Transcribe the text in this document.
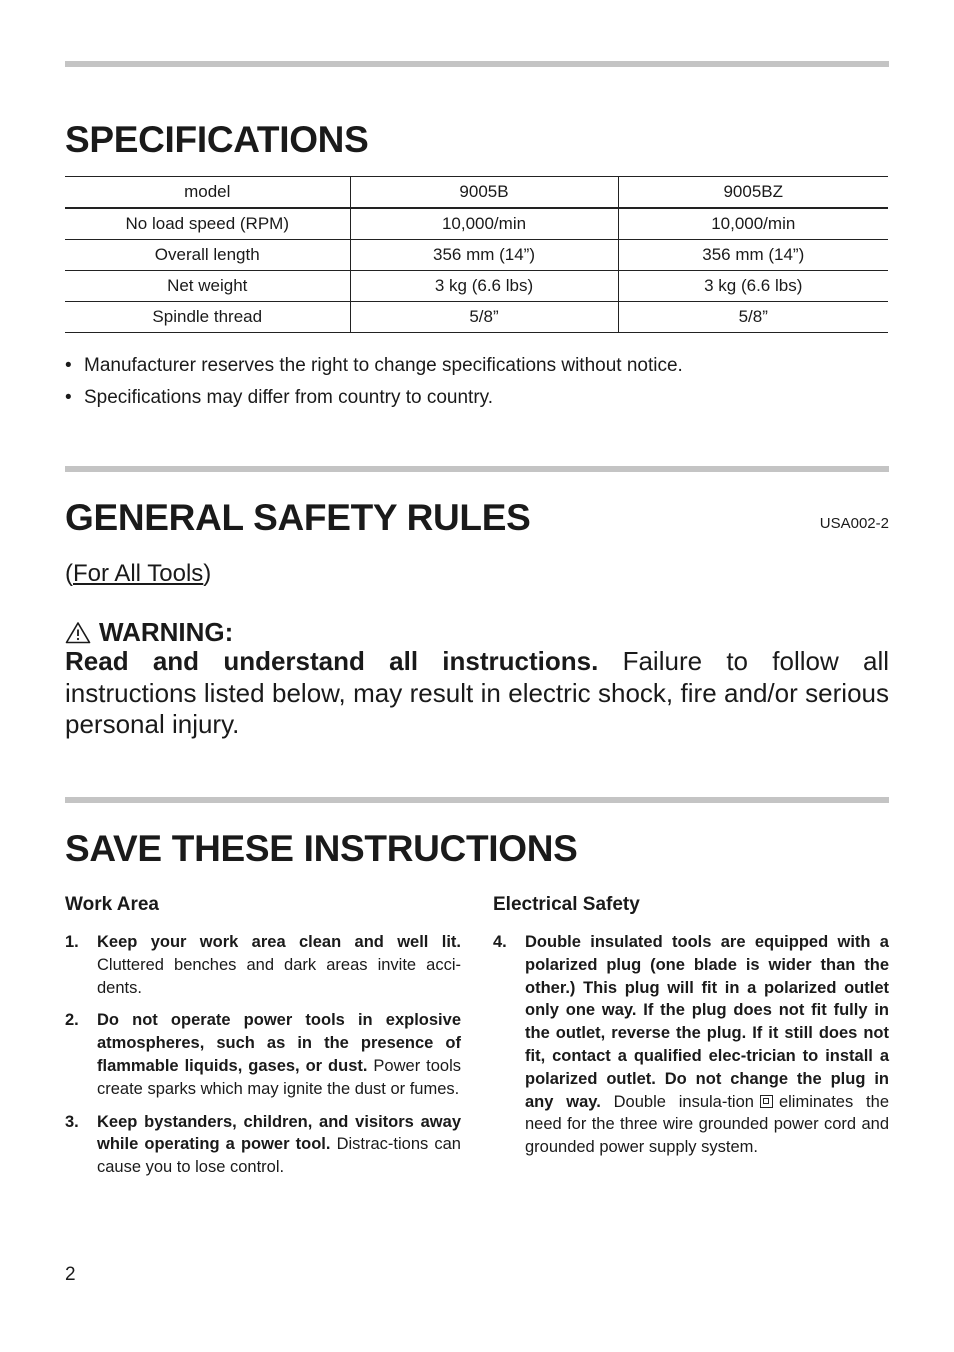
SPECIFICATIONS
model	9005B	9005BZ
No load speed (RPM)	10,000/min	10,000/min
Overall length	356 mm (14”)	356 mm (14”)
Net weight	3 kg (6.6 lbs)	3 kg (6.6 lbs)
Spindle thread	5/8”	5/8”
• Manufacturer reserves the right to change specifications without notice.
• Specifications may differ from country to country.
GENERAL SAFETY RULES	USA002-2
(For All Tools)
WARNING:

Read and understand all instructions. Failure to follow all instructions listed below, may result in electric shock, fire and/or serious personal injury.

SAVE THESE INSTRUCTIONS
Work Area
1.	Keep your work area clean and well lit. Cluttered benches and dark areas invite acci-dents.
2.	Do not operate power tools in explosive atmospheres, such as in the presence of flammable liquids, gases, or dust. Power tools create sparks which may ignite the dust or fumes.
3.	Keep bystanders, children, and visitors away while operating a power tool. Distrac-tions can cause you to lose control.
Electrical Safety
4.	Double insulated tools are equipped with a polarized plug (one blade is wider than the other.) This plug will fit in a polarized outlet only one way. If the plug does not fit fully in the outlet, reverse the plug. If it still does not fit, contact a qualified elec-trician to install a polarized outlet. Do not change the plug in any way. Double insula-tion eliminates the need for the three wire grounded power cord and grounded power supply system.
2
